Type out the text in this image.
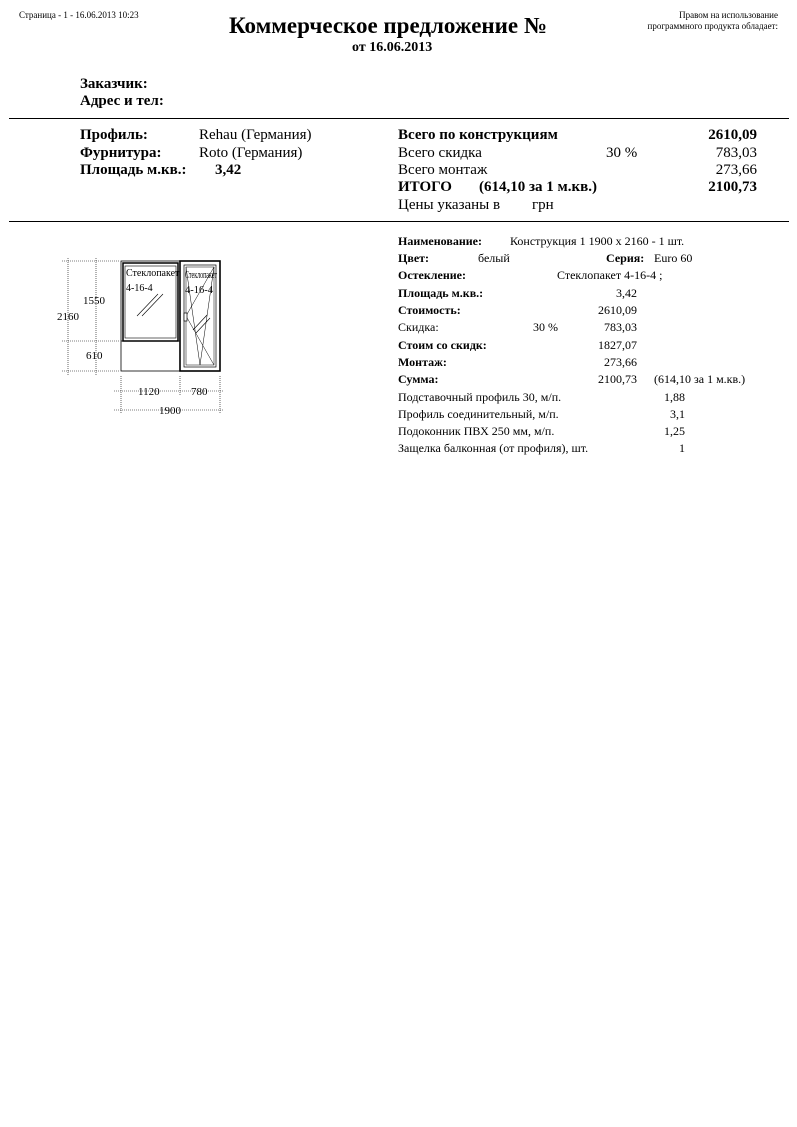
Страница - 1 - 16.06.2013 10:23	Коммерческое предложение №
от 16.06.2013
Правом на использование
программного продукта обладает:
Заказчик:
Адрес и тел:
Профиль:	Rehau (Германия)
Фурнитура: Roto (Германия)
Площадь м.кв.: 3,42
Всего по конструкциям	2610,09
Всего скидка	30 %	783,03
Всего монтаж	273,66
ИТОГО (614,10 за 1 м.кв.)	2100,73
Цены указаны в грн
Стеклопакет
4-16-4
Стеклопакет
4-16-4
2160
1550
610
1120	780
1900
Наименование: Конструкция 1 1900 x 2160 - 1 шт.
Цвет:	белый	Серия: Euro 60
Остекление:	Стеклопакет 4-16-4 ;
Площадь м.кв.:	3,42
Стоимость:	2610,09
Скидка:	30 %	783,03
Стоим со скидк:	1827,07
Монтаж:	273,66
Сумма:	2100,73 (614,10 за 1 м.кв.)
Подставочный профиль 30, м/п.	1,88
Профиль соединительный, м/п.	3,1
Подоконник ПВХ 250 мм, м/п.	1,25
Защелка балконная (от профиля), шт.	1
